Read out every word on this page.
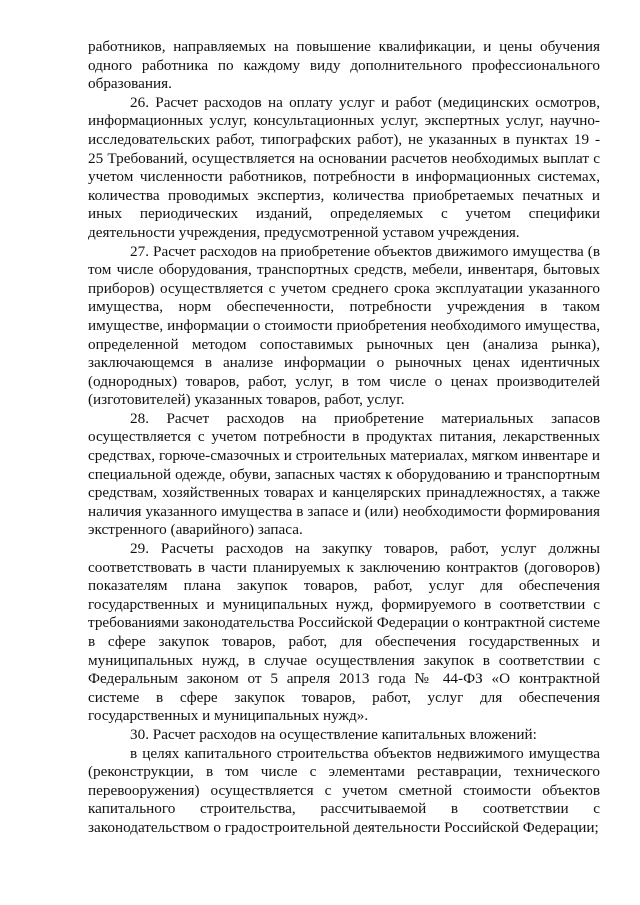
работников, направляемых на повышение квалификации, и цены обучения одного работника по каждому виду дополнительного профессионального образования.

26. Расчет расходов на оплату услуг и работ (медицинских осмотров, информационных услуг, консультационных услуг, экспертных услуг, научно-исследовательских работ, типографских работ), не указанных в пунктах 19 - 25 Требований, осуществляется на основании расчетов необходимых выплат с учетом численности работников, потребности в информационных системах, количества проводимых экспертиз, количества приобретаемых печатных и иных периодических изданий, определяемых с учетом специфики деятельности учреждения, предусмотренной уставом учреждения.

27. Расчет расходов на приобретение объектов движимого имущества (в том числе оборудования, транспортных средств, мебели, инвентаря, бытовых приборов) осуществляется с учетом среднего срока эксплуатации указанного имущества, норм обеспеченности, потребности учреждения в таком имуществе, информации о стоимости приобретения необходимого имущества, определенной методом сопоставимых рыночных цен (анализа рынка), заключающемся в анализе информации о рыночных ценах идентичных (однородных) товаров, работ, услуг, в том числе о ценах производителей (изготовителей) указанных товаров, работ, услуг.

28. Расчет расходов на приобретение материальных запасов осуществляется с учетом потребности в продуктах питания, лекарственных средствах, горюче-смазочных и строительных материалах, мягком инвентаре и специальной одежде, обуви, запасных частях к оборудованию и транспортным средствам, хозяйственных товарах и канцелярских принадлежностях, а также наличия указанного имущества в запасе и (или) необходимости формирования экстренного (аварийного) запаса.

29. Расчеты расходов на закупку товаров, работ, услуг должны соответствовать в части планируемых к заключению контрактов (договоров) показателям плана закупок товаров, работ, услуг для обеспечения государственных и муниципальных нужд, формируемого в соответствии с требованиями законодательства Российской Федерации о контрактной системе в сфере закупок товаров, работ, для обеспечения государственных и муниципальных нужд, в случае осуществления закупок в соответствии с Федеральным законом от 5 апреля 2013 года № 44-ФЗ «О контрактной системе в сфере закупок товаров, работ, услуг для обеспечения государственных и муниципальных нужд».

30. Расчет расходов на осуществление капитальных вложений:

в целях капитального строительства объектов недвижимого имущества (реконструкции, в том числе с элементами реставрации, технического перевооружения) осуществляется с учетом сметной стоимости объектов капитального строительства, рассчитываемой в соответствии с законодательством о градостроительной деятельности Российской Федерации;
